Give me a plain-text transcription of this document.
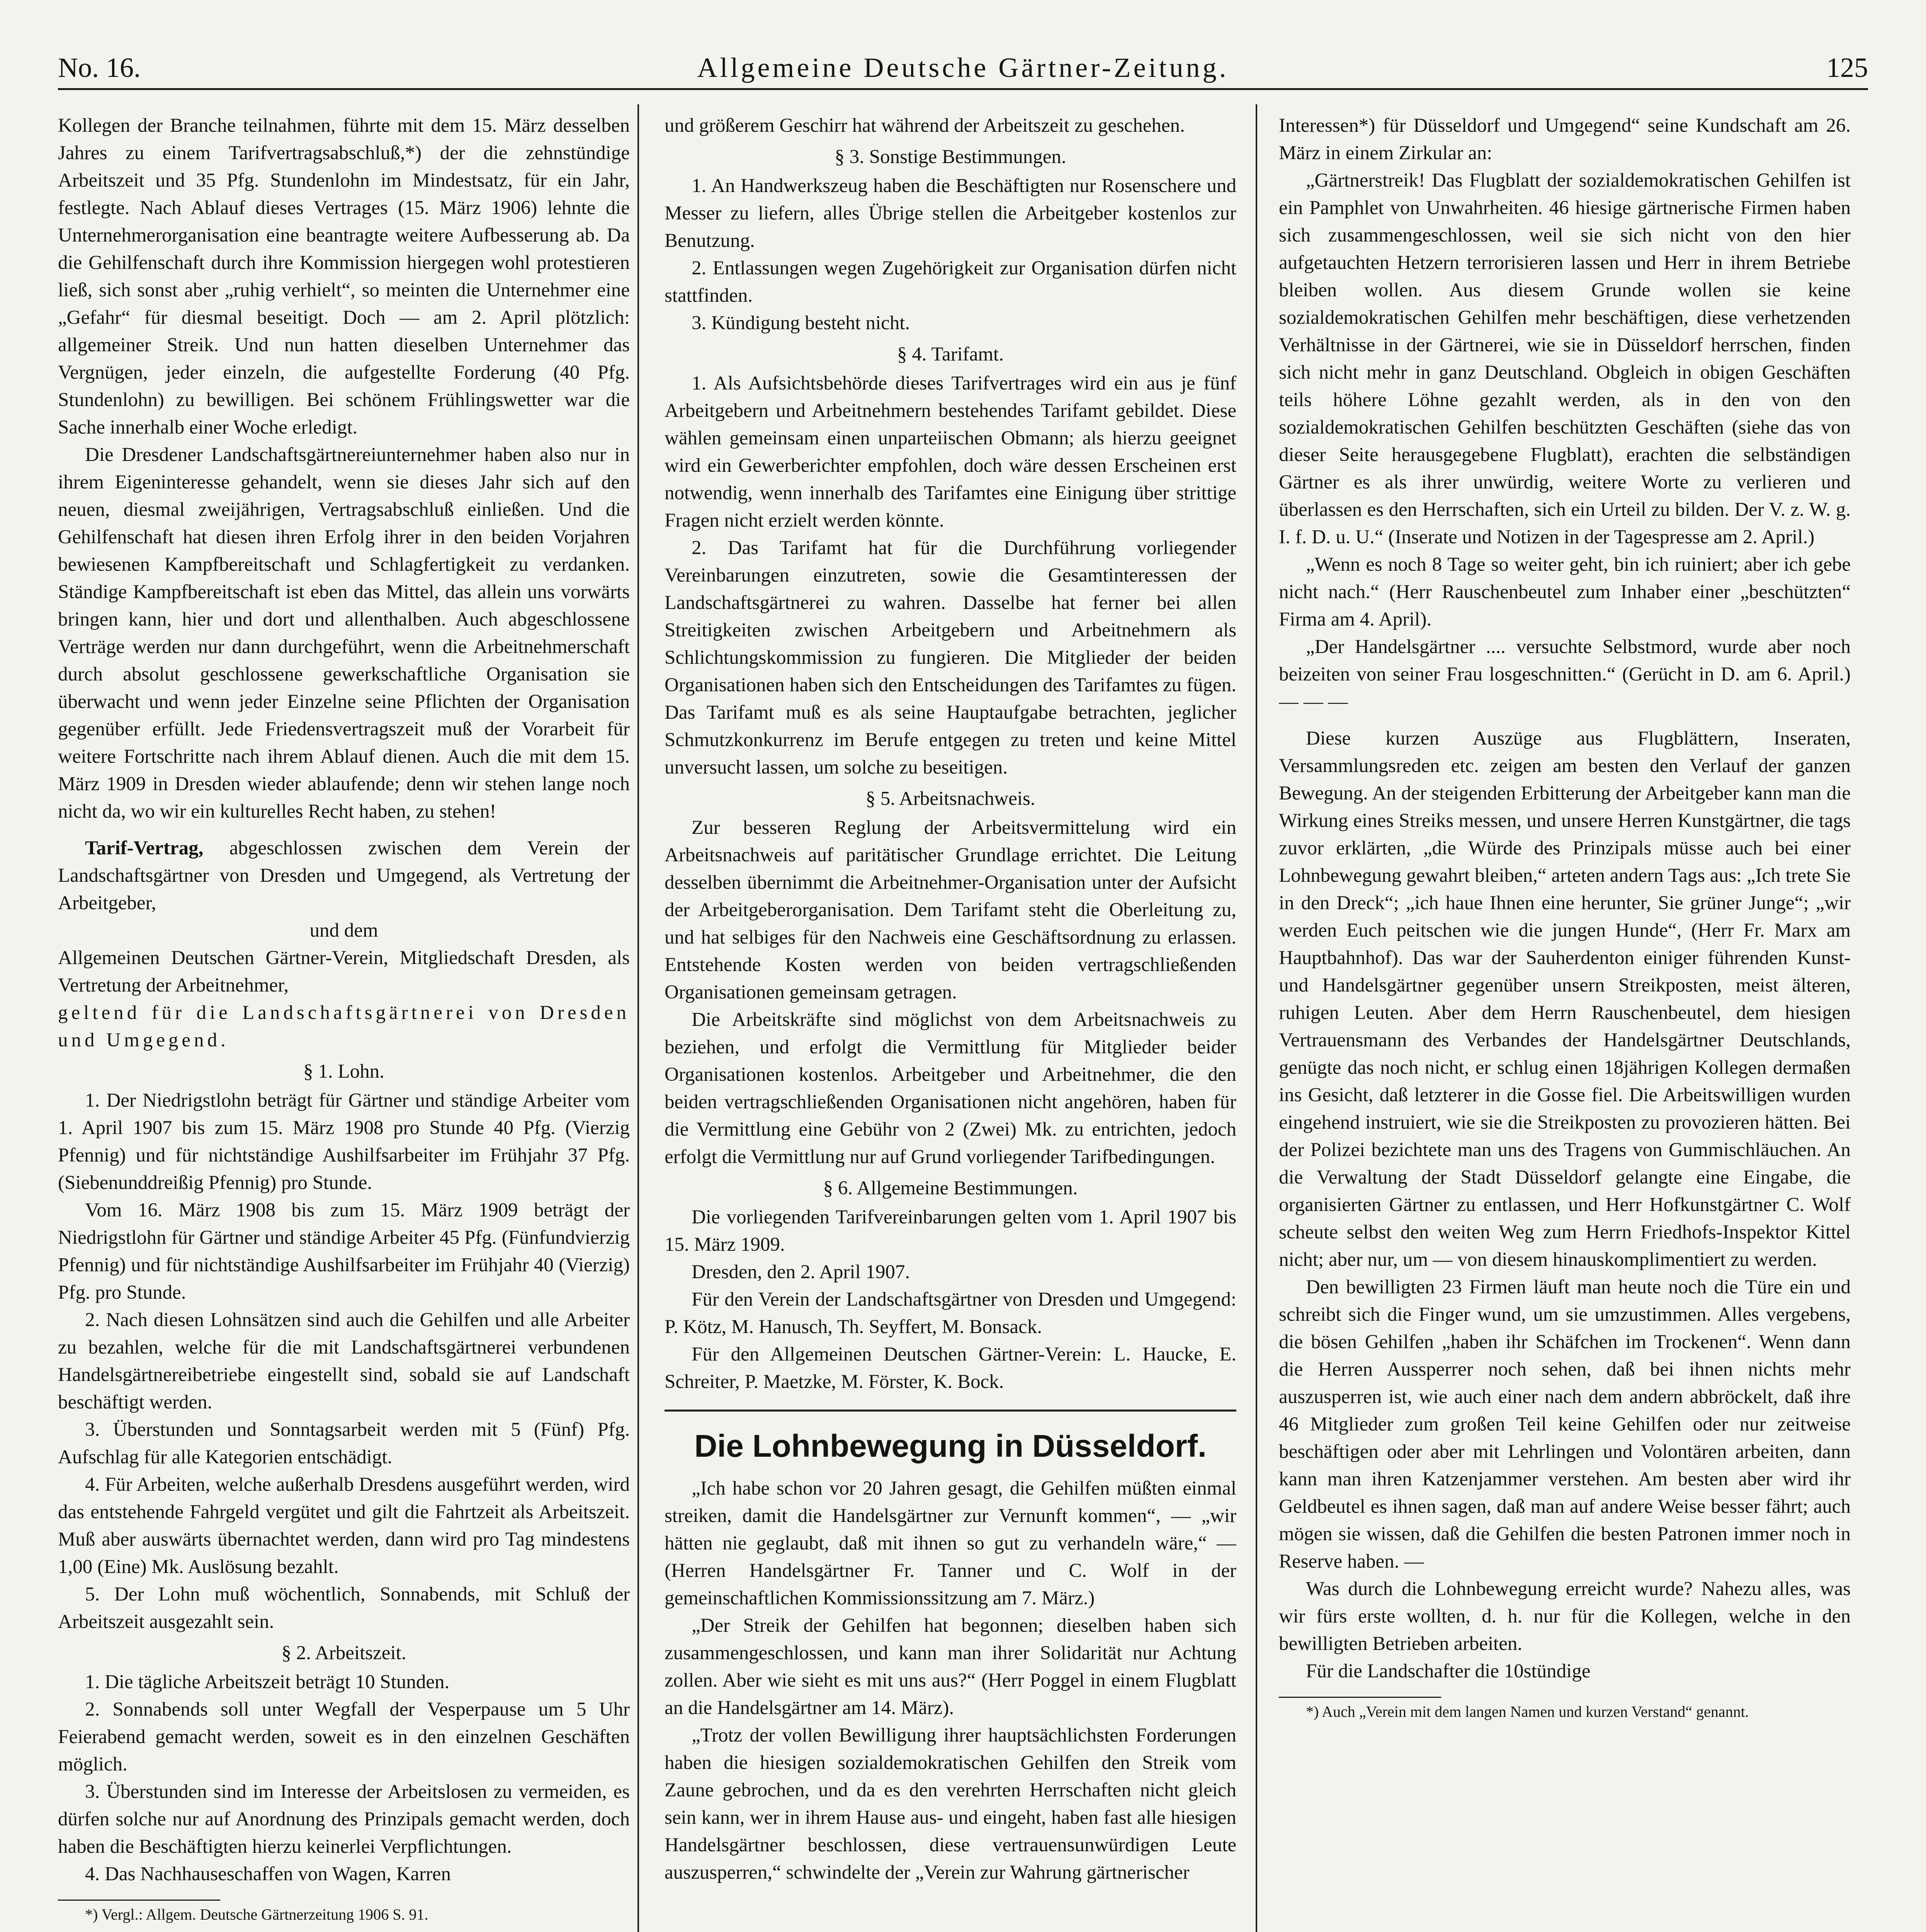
No. 16.	Allgemeine Deutsche Gärtner-Zeitung.	125

Kollegen der Branche teilnahmen, führte mit dem 15. März desselben Jahres zu einem Tarifvertragsabschluß,*) der die zehnstündige Arbeitszeit und 35 Pfg. Stundenlohn im Mindestsatz, für ein Jahr, festlegte. Nach Ablauf dieses Vertrages (15. März 1906) lehnte die Unternehmerorganisation eine beantragte weitere Aufbesserung ab. Da die Gehilfenschaft durch ihre Kommission hiergegen wohl protestieren ließ, sich sonst aber „ruhig verhielt“, so meinten die Unternehmer eine „Gefahr“ für diesmal beseitigt. Doch — am 2. April plötzlich: allgemeiner Streik. Und nun hatten dieselben Unternehmer das Vergnügen, jeder einzeln, die aufgestellte Forderung (40 Pfg. Stundenlohn) zu bewilligen. Bei schönem Frühlingswetter war die Sache innerhalb einer Woche erledigt.

Die Dresdener Landschaftsgärtnereiunternehmer haben also nur in ihrem Eigeninteresse gehandelt, wenn sie dieses Jahr sich auf den neuen, diesmal zweijährigen, Vertragsabschluß einließen. Und die Gehilfenschaft hat diesen ihren Erfolg ihrer in den beiden Vorjahren bewiesenen Kampfbereitschaft und Schlagfertigkeit zu verdanken. Ständige Kampfbereitschaft ist eben das Mittel, das allein uns vorwärts bringen kann, hier und dort und allenthalben. Auch abgeschlossene Verträge werden nur dann durchgeführt, wenn die Arbeitnehmerschaft durch absolut geschlossene gewerkschaftliche Organisation sie überwacht und wenn jeder Einzelne seine Pflichten der Organisation gegenüber erfüllt. Jede Friedensvertragszeit muß der Vorarbeit für weitere Fortschritte nach ihrem Ablauf dienen. Auch die mit dem 15. März 1909 in Dresden wieder ablaufende; denn wir stehen lange noch nicht da, wo wir ein kulturelles Recht haben, zu stehen!

Tarif-Vertrag, abgeschlossen zwischen dem Verein der Landschaftsgärtner von Dresden und Umgegend, als Vertretung der Arbeitgeber,

und dem

Allgemeinen Deutschen Gärtner-Verein, Mitgliedschaft Dresden, als Vertretung der Arbeitnehmer,

geltend für die Landschaftsgärtnerei von Dresden und Umgegend.

§ 1. Lohn.

1. Der Niedrigstlohn beträgt für Gärtner und ständige Arbeiter vom 1. April 1907 bis zum 15. März 1908 pro Stunde 40 Pfg. (Vierzig Pfennig) und für nichtständige Aushilfsarbeiter im Frühjahr 37 Pfg. (Siebenunddreißig Pfennig) pro Stunde.

Vom 16. März 1908 bis zum 15. März 1909 beträgt der Niedrigstlohn für Gärtner und ständige Arbeiter 45 Pfg. (Fünfundvierzig Pfennig) und für nichtständige Aushilfsarbeiter im Frühjahr 40 (Vierzig) Pfg. pro Stunde.

2. Nach diesen Lohnsätzen sind auch die Gehilfen und alle Arbeiter zu bezahlen, welche für die mit Landschaftsgärtnerei verbundenen Handelsgärtnereibetriebe eingestellt sind, sobald sie auf Landschaft beschäftigt werden.

3. Überstunden und Sonntagsarbeit werden mit 5 (Fünf) Pfg. Aufschlag für alle Kategorien entschädigt.

4. Für Arbeiten, welche außerhalb Dresdens ausgeführt werden, wird das entstehende Fahrgeld vergütet und gilt die Fahrtzeit als Arbeitszeit. Muß aber auswärts übernachtet werden, dann wird pro Tag mindestens 1,00 (Eine) Mk. Auslösung bezahlt.

5. Der Lohn muß wöchentlich, Sonnabends, mit Schluß der Arbeitszeit ausgezahlt sein.

§ 2. Arbeitszeit.

1. Die tägliche Arbeitszeit beträgt 10 Stunden.

2. Sonnabends soll unter Wegfall der Vesperpause um 5 Uhr Feierabend gemacht werden, soweit es in den einzelnen Geschäften möglich.

3. Überstunden sind im Interesse der Arbeitslosen zu vermeiden, es dürfen solche nur auf Anordnung des Prinzipals gemacht werden, doch haben die Beschäftigten hierzu keinerlei Verpflichtungen.

4. Das Nachhauseschaffen von Wagen, Karren

*) Vergl.: Allgem. Deutsche Gärtnerzeitung 1906 S. 91.

und größerem Geschirr hat während der Arbeitszeit zu geschehen.

§ 3. Sonstige Bestimmungen.

1. An Handwerkszeug haben die Beschäftigten nur Rosenschere und Messer zu liefern, alles Übrige stellen die Arbeitgeber kostenlos zur Benutzung.

2. Entlassungen wegen Zugehörigkeit zur Organisation dürfen nicht stattfinden.

3. Kündigung besteht nicht.

§ 4. Tarifamt.

1. Als Aufsichtsbehörde dieses Tarifvertrages wird ein aus je fünf Arbeitgebern und Arbeitnehmern bestehendes Tarifamt gebildet. Diese wählen gemeinsam einen unparteiischen Obmann; als hierzu geeignet wird ein Gewerberichter empfohlen, doch wäre dessen Erscheinen erst notwendig, wenn innerhalb des Tarifamtes eine Einigung über strittige Fragen nicht erzielt werden könnte.

2. Das Tarifamt hat für die Durchführung vorliegender Vereinbarungen einzutreten, sowie die Gesamtinteressen der Landschaftsgärtnerei zu wahren. Dasselbe hat ferner bei allen Streitigkeiten zwischen Arbeitgebern und Arbeitnehmern als Schlichtungskommission zu fungieren. Die Mitglieder der beiden Organisationen haben sich den Entscheidungen des Tarifamtes zu fügen. Das Tarifamt muß es als seine Hauptaufgabe betrachten, jeglicher Schmutzkonkurrenz im Berufe entgegen zu treten und keine Mittel unversucht lassen, um solche zu beseitigen.

§ 5. Arbeitsnachweis.

Zur besseren Reglung der Arbeitsvermittelung wird ein Arbeitsnachweis auf paritätischer Grundlage errichtet. Die Leitung desselben übernimmt die Arbeitnehmer-Organisation unter der Aufsicht der Arbeitgeberorganisation. Dem Tarifamt steht die Oberleitung zu, und hat selbiges für den Nachweis eine Geschäftsordnung zu erlassen. Entstehende Kosten werden von beiden vertragschließenden Organisationen gemeinsam getragen.

Die Arbeitskräfte sind möglichst von dem Arbeitsnachweis zu beziehen, und erfolgt die Vermittlung für Mitglieder beider Organisationen kostenlos. Arbeitgeber und Arbeitnehmer, die den beiden vertragschließenden Organisationen nicht angehören, haben für die Vermittlung eine Gebühr von 2 (Zwei) Mk. zu entrichten, jedoch erfolgt die Vermittlung nur auf Grund vorliegender Tarifbedingungen.

§ 6. Allgemeine Bestimmungen.

Die vorliegenden Tarifvereinbarungen gelten vom 1. April 1907 bis 15. März 1909.

Dresden, den 2. April 1907.

Für den Verein der Landschaftsgärtner von Dresden und Umgegend: P. Kötz, M. Hanusch, Th. Seyffert, M. Bonsack.

Für den Allgemeinen Deutschen Gärtner-Verein: L. Haucke, E. Schreiter, P. Maetzke, M. Förster, K. Bock.

Die Lohnbewegung in Düsseldorf.

„Ich habe schon vor 20 Jahren gesagt, die Gehilfen müßten einmal streiken, damit die Handelsgärtner zur Vernunft kommen“, — „wir hätten nie geglaubt, daß mit ihnen so gut zu verhandeln wäre,“ — (Herren Handelsgärtner Fr. Tanner und C. Wolf in der gemeinschaftlichen Kommissionssitzung am 7. März.)

„Der Streik der Gehilfen hat begonnen; dieselben haben sich zusammengeschlossen, und kann man ihrer Solidarität nur Achtung zollen. Aber wie sieht es mit uns aus?“ (Herr Poggel in einem Flugblatt an die Handelsgärtner am 14. März).

„Trotz der vollen Bewilligung ihrer hauptsächlichsten Forderungen haben die hiesigen sozialdemokratischen Gehilfen den Streik vom Zaune gebrochen, und da es den verehrten Herrschaften nicht gleich sein kann, wer in ihrem Hause aus- und eingeht, haben fast alle hiesigen Handelsgärtner beschlossen, diese vertrauensunwürdigen Leute auszusperren,“ schwindelte der „Verein zur Wahrung gärtnerischer

Interessen*) für Düsseldorf und Umgegend“ seine Kundschaft am 26. März in einem Zirkular an:

„Gärtnerstreik! Das Flugblatt der sozialdemokratischen Gehilfen ist ein Pamphlet von Unwahrheiten. 46 hiesige gärtnerische Firmen haben sich zusammengeschlossen, weil sie sich nicht von den hier aufgetauchten Hetzern terrorisieren lassen und Herr in ihrem Betriebe bleiben wollen. Aus diesem Grunde wollen sie keine sozialdemokratischen Gehilfen mehr beschäftigen, diese verhetzenden Verhältnisse in der Gärtnerei, wie sie in Düsseldorf herrschen, finden sich nicht mehr in ganz Deutschland. Obgleich in obigen Geschäften teils höhere Löhne gezahlt werden, als in den von den sozialdemokratischen Gehilfen beschützten Geschäften (siehe das von dieser Seite herausgegebene Flugblatt), erachten die selbständigen Gärtner es als ihrer unwürdig, weitere Worte zu verlieren und überlassen es den Herrschaften, sich ein Urteil zu bilden. Der V. z. W. g. I. f. D. u. U.“ (Inserate und Notizen in der Tagespresse am 2. April.)

„Wenn es noch 8 Tage so weiter geht, bin ich ruiniert; aber ich gebe nicht nach.“ (Herr Rauschenbeutel zum Inhaber einer „beschützten“ Firma am 4. April).

„Der Handelsgärtner .... versuchte Selbstmord, wurde aber noch beizeiten von seiner Frau losgeschnitten.“ (Gerücht in D. am 6. April.) — — —

Diese kurzen Auszüge aus Flugblättern, Inseraten, Versammlungsreden etc. zeigen am besten den Verlauf der ganzen Bewegung. An der steigenden Erbitterung der Arbeitgeber kann man die Wirkung eines Streiks messen, und unsere Herren Kunstgärtner, die tags zuvor erklärten, „die Würde des Prinzipals müsse auch bei einer Lohnbewegung gewahrt bleiben,“ arteten andern Tags aus: „Ich trete Sie in den Dreck“; „ich haue Ihnen eine herunter, Sie grüner Junge“; „wir werden Euch peitschen wie die jungen Hunde“, (Herr Fr. Marx am Hauptbahnhof). Das war der Sauherdenton einiger führenden Kunst- und Handelsgärtner gegenüber unsern Streikposten, meist älteren, ruhigen Leuten. Aber dem Herrn Rauschenbeutel, dem hiesigen Vertrauensmann des Verbandes der Handelsgärtner Deutschlands, genügte das noch nicht, er schlug einen 18jährigen Kollegen dermaßen ins Gesicht, daß letzterer in die Gosse fiel. Die Arbeitswilligen wurden eingehend instruiert, wie sie die Streikposten zu provozieren hätten. Bei der Polizei bezichtete man uns des Tragens von Gummischläuchen. An die Verwaltung der Stadt Düsseldorf gelangte eine Eingabe, die organisierten Gärtner zu entlassen, und Herr Hofkunstgärtner C. Wolf scheute selbst den weiten Weg zum Herrn Friedhofs-Inspektor Kittel nicht; aber nur, um — von diesem hinauskomplimentiert zu werden.

Den bewilligten 23 Firmen läuft man heute noch die Türe ein und schreibt sich die Finger wund, um sie umzustimmen. Alles vergebens, die bösen Gehilfen „haben ihr Schäfchen im Trockenen“. Wenn dann die Herren Aussperrer noch sehen, daß bei ihnen nichts mehr auszusperren ist, wie auch einer nach dem andern abbröckelt, daß ihre 46 Mitglieder zum großen Teil keine Gehilfen oder nur zeitweise beschäftigen oder aber mit Lehrlingen und Volontären arbeiten, dann kann man ihren Katzenjammer verstehen. Am besten aber wird ihr Geldbeutel es ihnen sagen, daß man auf andere Weise besser fährt; auch mögen sie wissen, daß die Gehilfen die besten Patronen immer noch in Reserve haben. —

Was durch die Lohnbewegung erreicht wurde? Nahezu alles, was wir fürs erste wollten, d. h. nur für die Kollegen, welche in den bewilligten Betrieben arbeiten.

Für die Landschafter die 10stündige

*) Auch „Verein mit dem langen Namen und kurzen Verstand“ genannt.
